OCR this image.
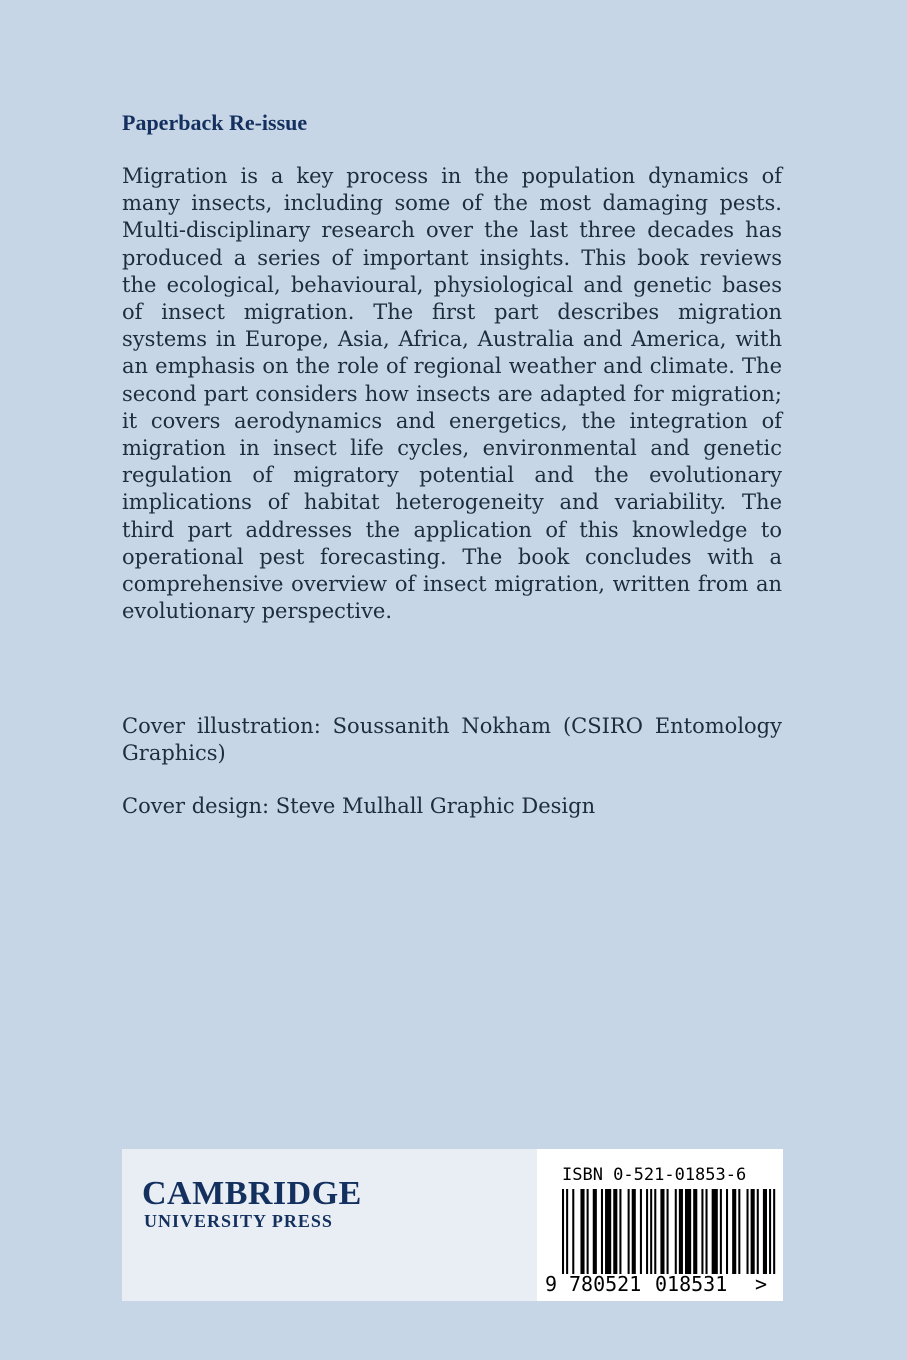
Paperback Re-issue

Migration is a key process in the population dynamics of many insects, including some of the most damaging pests. Multi-disciplinary research over the last three decades has produced a series of important insights. This book reviews the ecological, behavioural, physiological and genetic bases of insect migration. The first part describes migration systems in Europe, Asia, Africa, Australia and America, with an emphasis on the role of regional weather and climate. The second part considers how insects are adapted for migration; it covers aerodynamics and energetics, the integration of migration in insect life cycles, environmental and genetic regulation of migratory potential and the evolutionary implications of habitat heterogeneity and variability. The third part addresses the application of this knowledge to operational pest forecasting. The book concludes with a comprehensive overview of insect migration, written from an evolutionary perspective.

Cover illustration: Soussanith Nokham (CSIRO Entomology Graphics)

Cover design: Steve Mulhall Graphic Design

CAMBRIDGE
UNIVERSITY PRESS
ISBN 0-521-01853-6
9 780521 018531 >
